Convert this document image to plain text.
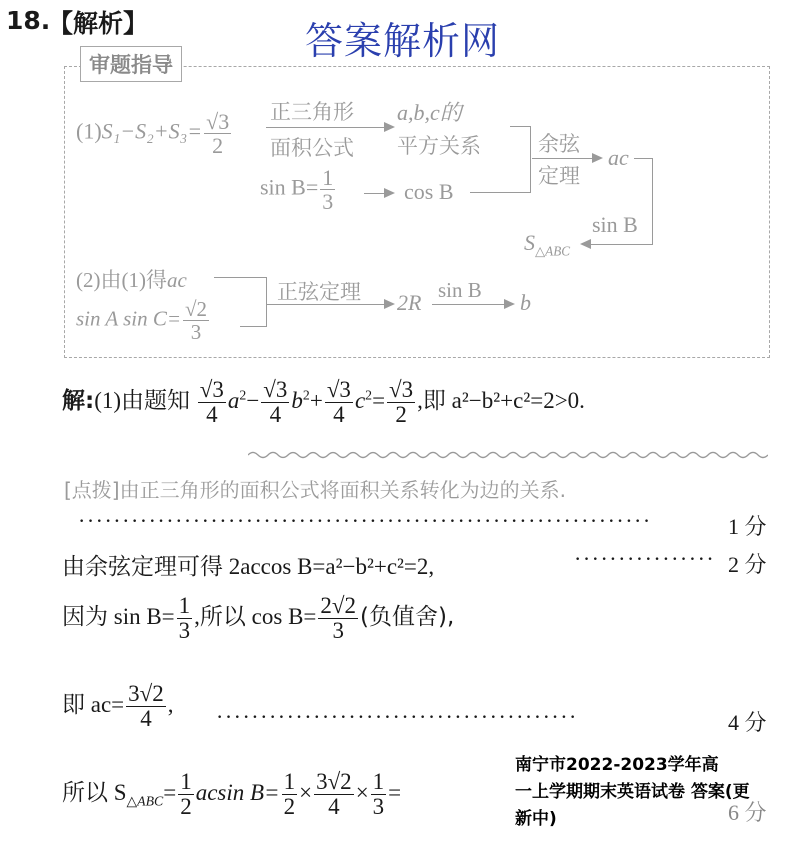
18.
【解析】	答案解析网
审题指导
$(1)S_1-S_2+S_3= \frac{√3}{2}$ 正三角形
面积公式
a,b,c的
平方关系	余弦
定理
ac
sin B
$S_{\triangle ABC}$
$\sin B= \frac{1}{3}$	cos B
(2)由(1)得ac
sin A $\sin C= \frac{√2}{3}$
正弦定理 2R sin B b
解:(1)由题知 $\frac{√3}{4} a^2- \frac{√3}{4} b^2+ \frac{√3}{4} c^2= \frac{√3}{2}$ ,即 a²−b²+c²=2>0.
[点拨]由正三角形的面积公式将面积关系转化为边的关系.
·································································	1 分
由余弦定理可得 2accos B=a²−b²+c²=2,	················ 2 分
因为 $\sin B= \frac{1}{3}$ ,所以 $\cos B= \frac{2√2}{3}$ (负值舍),
即 $ac= \frac{3√2}{4}$ , ·········································	4 分
所以 $S_{\triangle ABC}= \frac{1}{2}$ acsin $B= \frac{1}{2} \times \frac{3√2}{4} \times \frac{1}{3}$ =
6 分
南宁市2022-2023学年高
一上学期期末英语试卷 答案(更
新中)
